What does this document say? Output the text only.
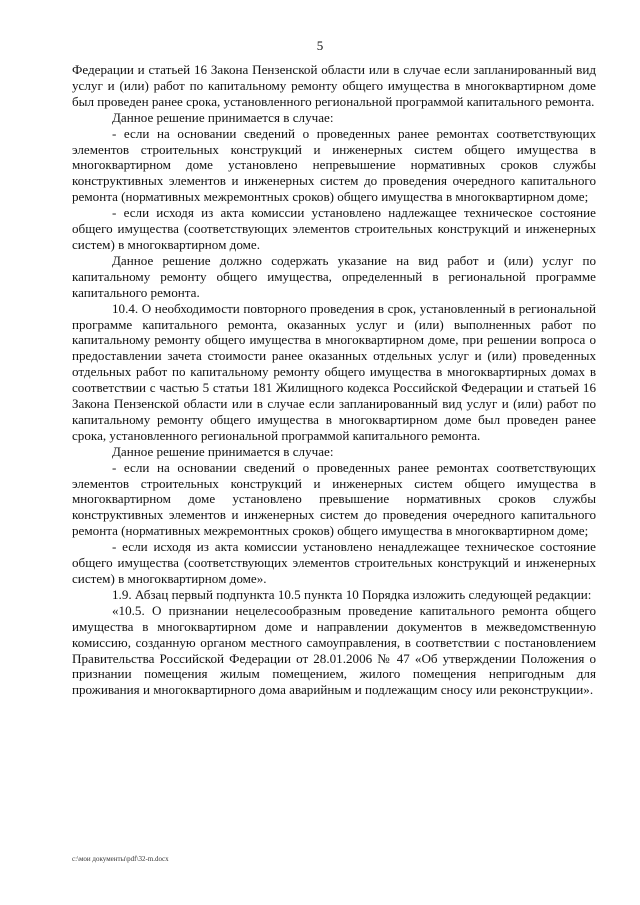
5

Федерации и статьей 16 Закона Пензенской области или в случае если запланированный вид услуг и (или) работ по капитальному ремонту общего имущества в многоквартирном доме был проведен ранее срока, установленного региональной программой капитального ремонта.

Данное решение принимается в случае:

- если на основании сведений о проведенных ранее ремонтах соответствующих элементов строительных конструкций и инженерных систем общего имущества в многоквартирном доме установлено непревышение нормативных сроков службы конструктивных элементов и инженерных систем до проведения очередного капитального ремонта (нормативных межремонтных сроков) общего имущества в многоквартирном доме;

- если исходя из акта комиссии установлено надлежащее техническое состояние общего имущества (соответствующих элементов строительных конструкций и инженерных систем) в многоквартирном доме.

Данное решение должно содержать указание на вид работ и (или) услуг по капитальному ремонту общего имущества, определенный в региональной программе капитального ремонта.

10.4. О необходимости повторного проведения в срок, установленный в региональной программе капитального ремонта, оказанных услуг и (или) выполненных работ по капитальному ремонту общего имущества в многоквартирном доме, при решении вопроса о предоставлении зачета стоимости ранее оказанных отдельных услуг и (или) проведенных отдельных работ по капитальному ремонту общего имущества в многоквартирных домах в соответствии с частью 5 статьи 181 Жилищного кодекса Российской Федерации и статьей 16 Закона Пензенской области или в случае если запланированный вид услуг и (или) работ по капитальному ремонту общего имущества в многоквартирном доме был проведен ранее срока, установленного региональной программой капитального ремонта.

Данное решение принимается в случае:

- если на основании сведений о проведенных ранее ремонтах соответствующих элементов строительных конструкций и инженерных систем общего имущества в многоквартирном доме установлено превышение нормативных сроков службы конструктивных элементов и инженерных систем до проведения очередного капитального ремонта (нормативных межремонтных сроков) общего имущества в многоквартирном доме;

- если исходя из акта комиссии установлено ненадлежащее техническое состояние общего имущества (соответствующих элементов строительных конструкций и инженерных систем) в многоквартирном доме».

1.9. Абзац первый подпункта 10.5 пункта 10 Порядка изложить следующей редакции:

«10.5. О признании нецелесообразным проведение капитального ремонта общего имущества в многоквартирном доме и направлении документов в межведомственную комиссию, созданную органом местного самоуправления, в соответствии с постановлением Правительства Российской Федерации от 28.01.2006 № 47 «Об утверждении Положения о признании помещения жилым помещением, жилого помещения непригодным для проживания и многоквартирного дома аварийным и подлежащим сносу или реконструкции».

c:\мои документы\pdf\32-m.docx
